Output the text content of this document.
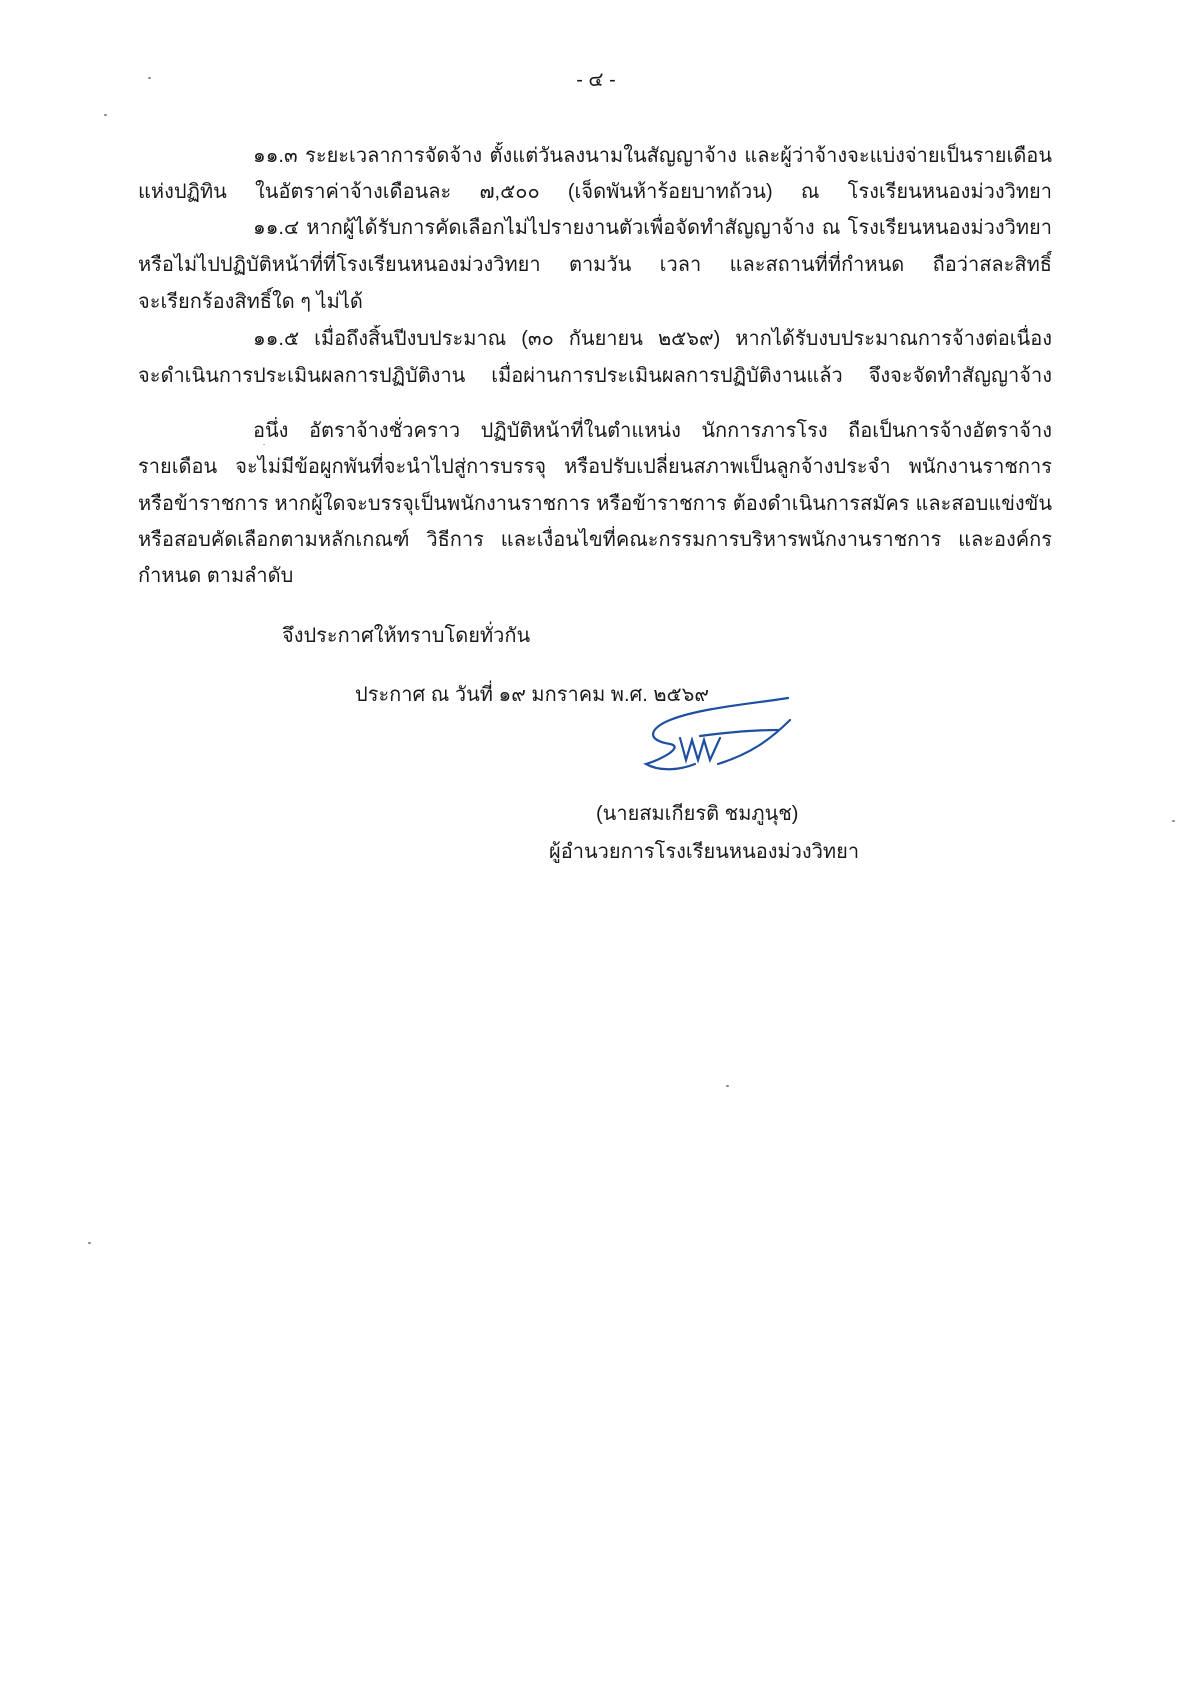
- ๔ -
๑๑.๓ ระยะเวลาการจัดจ้าง ตั้งแต่วันลงนามในสัญญาจ้าง และผู้ว่าจ้างจะแบ่งจ่ายเป็นรายเดือน
แห่งปฏิทิน ในอัตราค่าจ้างเดือนละ ๗,๕๐๐ (เจ็ดพันห้าร้อยบาทถ้วน) ณ โรงเรียนหนองม่วงวิทยา
๑๑.๔ หากผู้ได้รับการคัดเลือกไม่ไปรายงานตัวเพื่อจัดทำสัญญาจ้าง ณ โรงเรียนหนองม่วงวิทยา
หรือไม่ไปปฏิบัติหน้าที่ที่โรงเรียนหนองม่วงวิทยา ตามวัน เวลา และสถานที่ที่กำหนด ถือว่าสละสิทธิ์
จะเรียกร้องสิทธิ์ใด ๆ ไม่ได้
๑๑.๕ เมื่อถึงสิ้นปีงบประมาณ (๓๐ กันยายน ๒๕๖๙) หากได้รับงบประมาณการจ้างต่อเนื่อง
จะดำเนินการประเมินผลการปฏิบัติงาน เมื่อผ่านการประเมินผลการปฏิบัติงานแล้ว จึงจะจัดทำสัญญาจ้าง
อนึ่ง อัตราจ้างชั่วคราว ปฏิบัติหน้าที่ในตำแหน่ง นักการภารโรง ถือเป็นการจ้างอัตราจ้าง
รายเดือน จะไม่มีข้อผูกพันที่จะนำไปสู่การบรรจุ หรือปรับเปลี่ยนสภาพเป็นลูกจ้างประจำ พนักงานราชการ
หรือข้าราชการ หากผู้ใดจะบรรจุเป็นพนักงานราชการ หรือข้าราชการ ต้องดำเนินการสมัคร และสอบแข่งขัน
หรือสอบคัดเลือกตามหลักเกณฑ์ วิธีการ และเงื่อนไขที่คณะกรรมการบริหารพนักงานราชการ และองค์กร
กำหนด ตามลำดับ
จึงประกาศให้ทราบโดยทั่วกัน
ประกาศ ณ วันที่ ๑๙ มกราคม พ.ศ. ๒๕๖๙
(นายสมเกียรติ ชมภูนุช)
ผู้อำนวยการโรงเรียนหนองม่วงวิทยา
